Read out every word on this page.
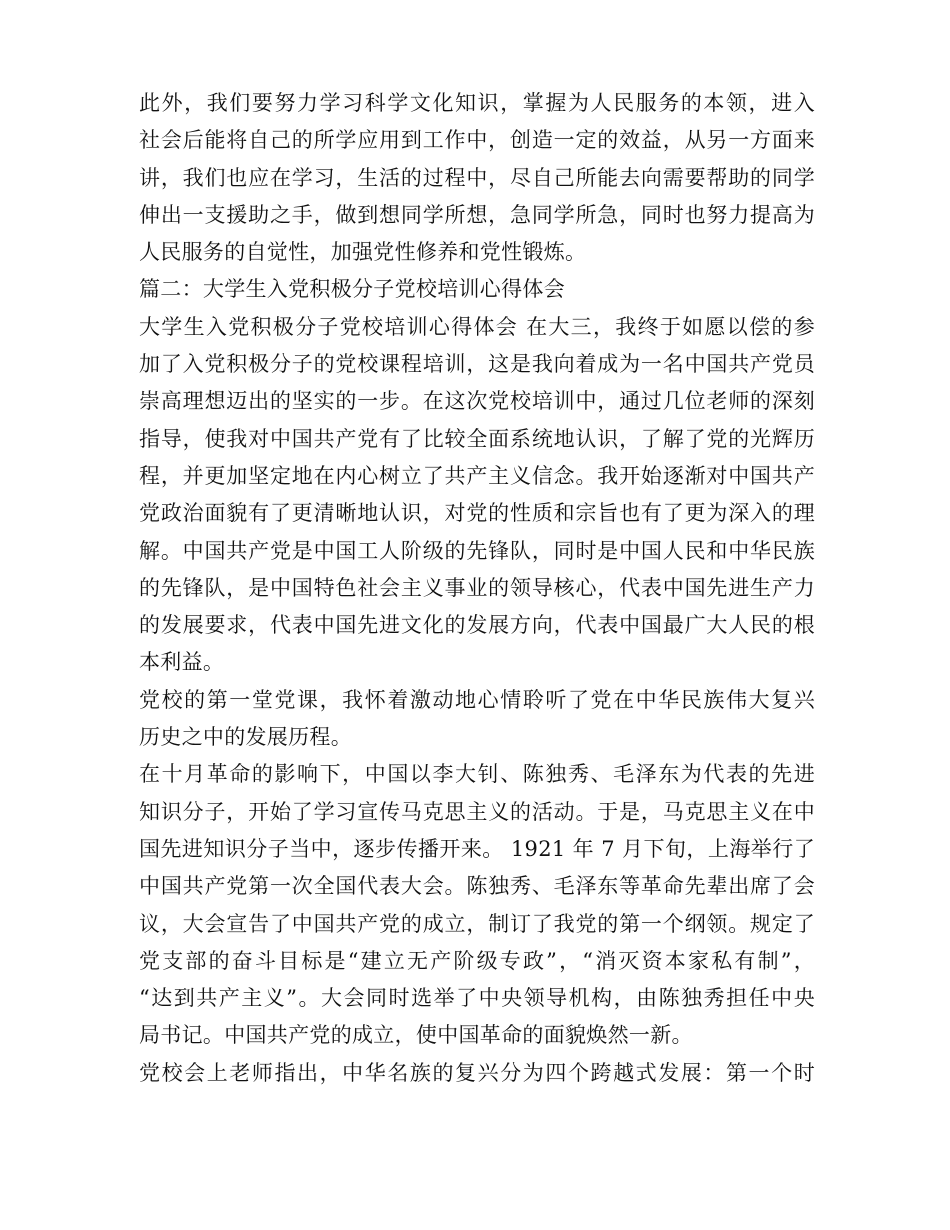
此外，我们要努力学习科学文化知识，掌握为人民服务的本领，进入
社会后能将自己的所学应用到工作中，创造一定的效益，从另一方面来
讲，我们也应在学习，生活的过程中，尽自己所能去向需要帮助的同学
伸出一支援助之手，做到想同学所想，急同学所急，同时也努力提高为
人民服务的自觉性，加强党性修养和党性锻炼。
篇二：大学生入党积极分子党校培训心得体会
大学生入党积极分子党校培训心得体会 在大三，我终于如愿以偿的参
加了入党积极分子的党校课程培训，这是我向着成为一名中国共产党员
崇高理想迈出的坚实的一步。在这次党校培训中，通过几位老师的深刻
指导，使我对中国共产党有了比较全面系统地认识，了解了党的光辉历
程，并更加坚定地在内心树立了共产主义信念。我开始逐渐对中国共产
党政治面貌有了更清晰地认识，对党的性质和宗旨也有了更为深入的理
解。中国共产党是中国工人阶级的先锋队，同时是中国人民和中华民族
的先锋队，是中国特色社会主义事业的领导核心，代表中国先进生产力
的发展要求，代表中国先进文化的发展方向，代表中国最广大人民的根
本利益。
党校的第一堂党课，我怀着激动地心情聆听了党在中华民族伟大复兴
历史之中的发展历程。
在十月革命的影响下，中国以李大钊、陈独秀、毛泽东为代表的先进
知识分子，开始了学习宣传马克思主义的活动。于是，马克思主义在中
国先进知识分子当中，逐步传播开来。 1921 年 7 月下旬，上海举行了
中国共产党第一次全国代表大会。陈独秀、毛泽东等革命先辈出席了会
议，大会宣告了中国共产党的成立，制订了我党的第一个纲领。规定了
党支部的奋斗目标是“建立无产阶级专政”，“消灭资本家私有制”，
“达到共产主义”。大会同时选举了中央领导机构，由陈独秀担任中央
局书记。中国共产党的成立，使中国革命的面貌焕然一新。
党校会上老师指出，中华名族的复兴分为四个跨越式发展：第一个时
